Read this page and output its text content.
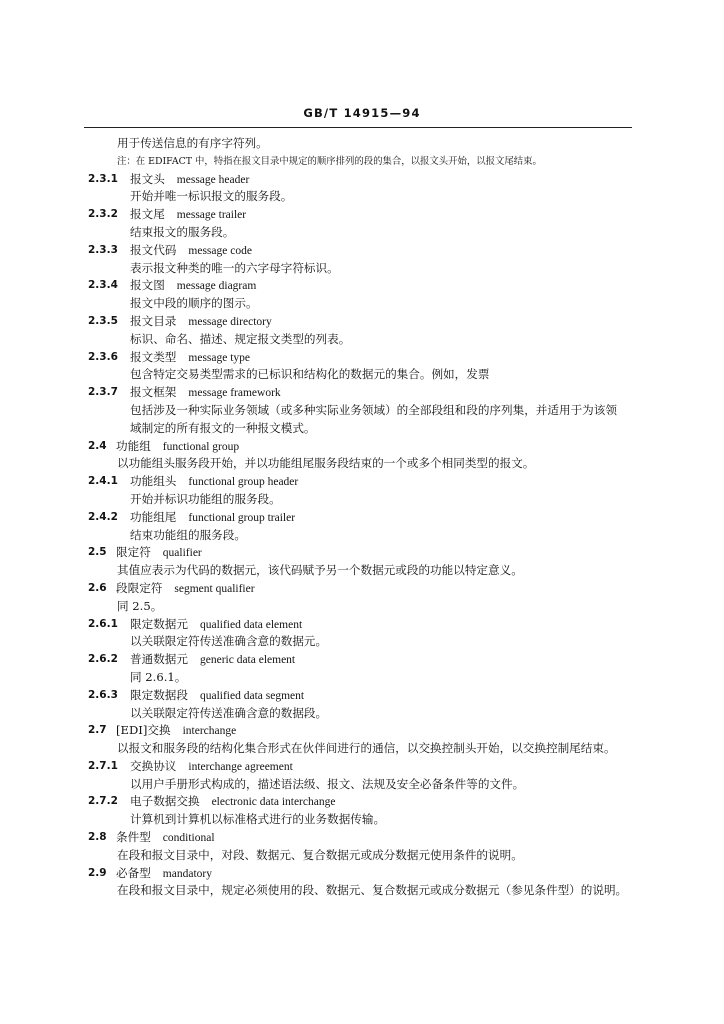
GB/T 14915—94
用于传送信息的有序字符列。
注：在 EDIFACT 中，特指在报文目录中规定的顺序排列的段的集合，以报文头开始，以报文尾结束。
2.3.1 报文头 message header
开始并唯一标识报文的服务段。
2.3.2 报文尾 message trailer
结束报文的服务段。
2.3.3 报文代码 message code
表示报文种类的唯一的六字母字符标识。
2.3.4 报文图 message diagram
报文中段的顺序的图示。
2.3.5 报文目录 message directory
标识、命名、描述、规定报文类型的列表。
2.3.6 报文类型 message type
包含特定交易类型需求的已标识和结构化的数据元的集合。例如，发票
2.3.7 报文框架 message framework
包括涉及一种实际业务领域（或多种实际业务领域）的全部段组和段的序列集，并适用于为该领
域制定的所有报文的一种报文模式。
2.4 功能组 functional group
以功能组头服务段开始，并以功能组尾服务段结束的一个或多个相同类型的报文。
2.4.1 功能组头 functional group header
开始并标识功能组的服务段。
2.4.2 功能组尾 functional group trailer
结束功能组的服务段。
2.5 限定符 qualifier
其值应表示为代码的数据元，该代码赋予另一个数据元或段的功能以特定意义。
2.6 段限定符 segment qualifier
同 2.5。
2.6.1 限定数据元 qualified data element
以关联限定符传送准确含意的数据元。
2.6.2 普通数据元 generic data element
同 2.6.1。
2.6.3 限定数据段 qualified data segment
以关联限定符传送准确含意的数据段。
2.7 [EDI]交换 interchange
以报文和服务段的结构化集合形式在伙伴间进行的通信，以交换控制头开始，以交换控制尾结束。
2.7.1 交换协议 interchange agreement
以用户手册形式构成的，描述语法级、报文、法规及安全必备条件等的文件。
2.7.2 电子数据交换 electronic data interchange
计算机到计算机以标准格式进行的业务数据传输。
2.8 条件型 conditional
在段和报文目录中，对段、数据元、复合数据元或成分数据元使用条件的说明。
2.9 必备型 mandatory
在段和报文目录中，规定必须使用的段、数据元、复合数据元或成分数据元（参见条件型）的说明。
